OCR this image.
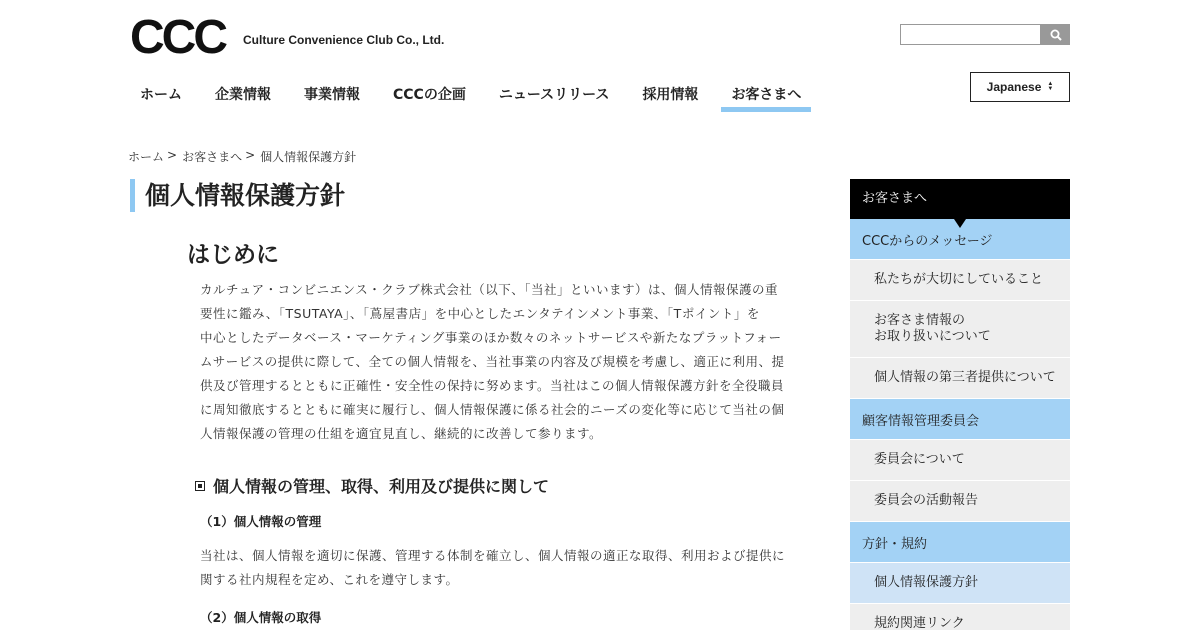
CCC Culture Convenience Club Co., Ltd.
Japanese ▲
▼
ホーム	企業情報	事業情報	CCCの企画	ニュースリリース	採用情報	お客さまへ
ホーム > お客さまへ > 個人情報保護方針
個人情報保護方針
はじめに
カルチュア・コンビニエンス・クラブ株式会社（以下、「当社」といいます）は、個人情報保護の重
要性に鑑み、「TSUTAYA」、「蔦屋書店」を中心としたエンタテインメント事業、「Tポイント」を
中心としたデータベース・マーケティング事業のほか数々のネットサービスや新たなプラットフォー
ムサービスの提供に際して、全ての個人情報を、当社事業の内容及び規模を考慮し、適正に利用、提
供及び管理するとともに正確性・安全性の保持に努めます。当社はこの個人情報保護方針を全役職員
に周知徹底するとともに確実に履行し、個人情報保護に係る社会的ニーズの変化等に応じて当社の個
人情報保護の管理の仕組を適宜見直し、継続的に改善して参ります。
個人情報の管理、取得、利用及び提供に関して
（1）個人情報の管理
当社は、個人情報を適切に保護、管理する体制を確立し、個人情報の適正な取得、利用および提供に
関する社内規程を定め、これを遵守します。
（2）個人情報の取得
お客さまへ
CCCからのメッセージ
私たちが大切にしていること
お客さま情報の
お取り扱いについて
個人情報の第三者提供について
顧客情報管理委員会
委員会について
委員会の活動報告
方針・規約
個人情報保護方針
規約関連リンク
